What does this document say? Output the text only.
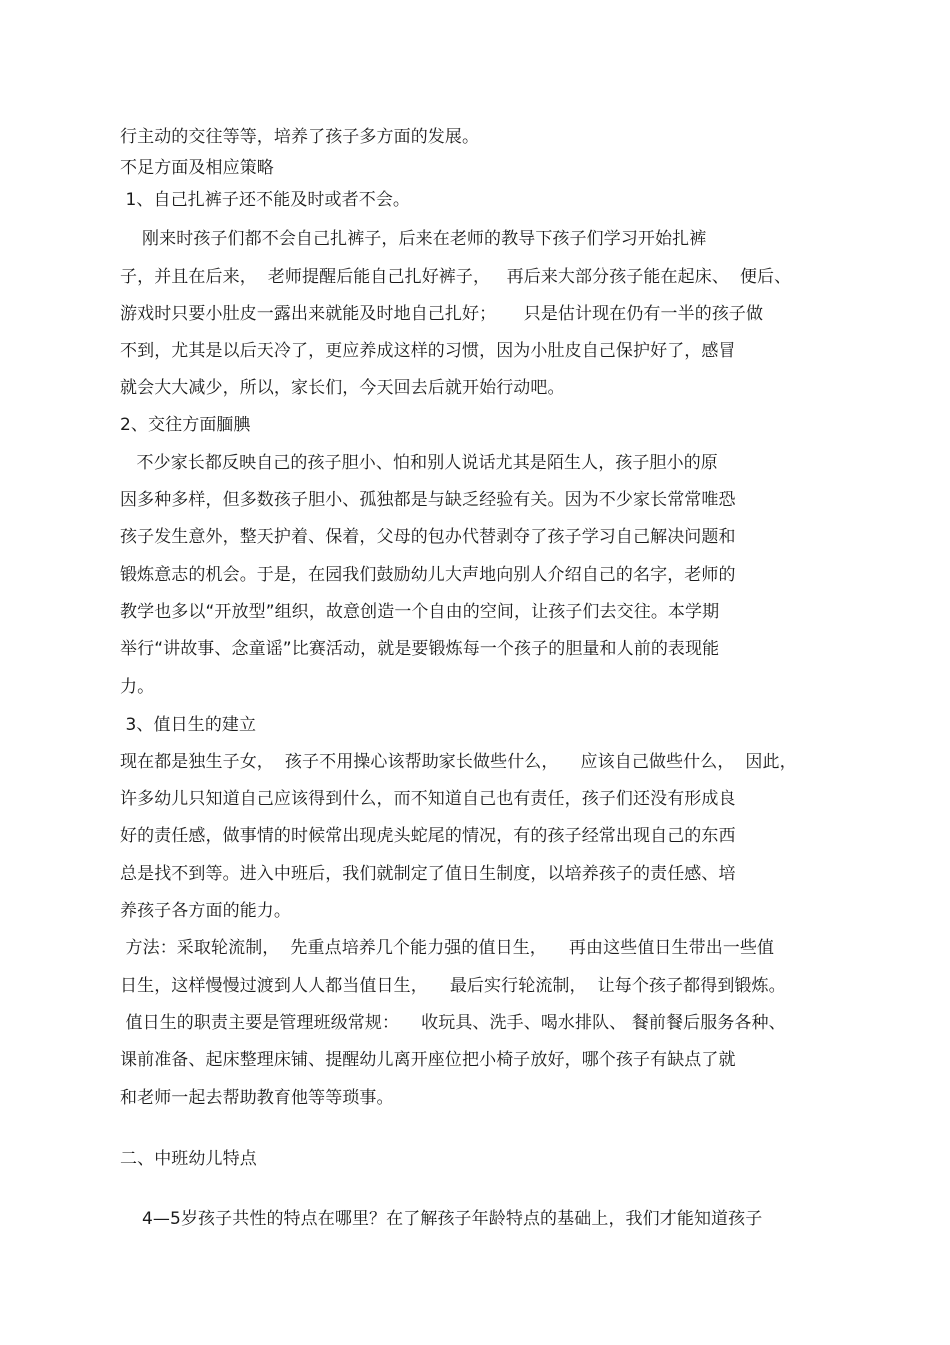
行主动的交往等等，培养了孩子多方面的发展。
不足方面及相应策略
1、自己扎裤子还不能及时或者不会。
刚来时孩子们都不会自己扎裤子，后来在老师的教导下孩子们学习开始扎裤
子，并且在后来，  老师提醒后能自己扎好裤子，   再后来大部分孩子能在起床、  便后、
游戏时只要小肚皮一露出来就能及时地自己扎好；     只是估计现在仍有一半的孩子做
不到，尤其是以后天冷了，更应养成这样的习惯，因为小肚皮自己保护好了，感冒
就会大大减少，所以，家长们，今天回去后就开始行动吧。
2、交往方面腼腆
不少家长都反映自己的孩子胆小、怕和别人说话尤其是陌生人，孩子胆小的原
因多种多样，但多数孩子胆小、孤独都是与缺乏经验有关。因为不少家长常常唯恐
孩子发生意外，整天护着、保着，父母的包办代替剥夺了孩子学习自己解决问题和
锻炼意志的机会。于是，在园我们鼓励幼儿大声地向别人介绍自己的名字，老师的
教学也多以“开放型”组织，故意创造一个自由的空间，让孩子们去交往。本学期
举行“讲故事、念童谣”比赛活动，就是要锻炼每一个孩子的胆量和人前的表现能
力。
3、值日生的建立
现在都是独生子女，  孩子不用操心该帮助家长做些什么，    应该自己做些什么，  因此，
许多幼儿只知道自己应该得到什么，而不知道自己也有责任，孩子们还没有形成良
好的责任感，做事情的时候常出现虎头蛇尾的情况，有的孩子经常出现自己的东西
总是找不到等。进入中班后，我们就制定了值日生制度，以培养孩子的责任感、培
养孩子各方面的能力。
方法：采取轮流制，  先重点培养几个能力强的值日生，    再由这些值日生带出一些值
日生，这样慢慢过渡到人人都当值日生，    最后实行轮流制，  让每个孩子都得到锻炼。
值日生的职责主要是管理班级常规：    收玩具、洗手、喝水排队、 餐前餐后服务各种、
课前准备、起床整理床铺、提醒幼儿离开座位把小椅子放好，哪个孩子有缺点了就
和老师一起去帮助教育他等等琐事。
二、中班幼儿特点
4—5岁孩子共性的特点在哪里？在了解孩子年龄特点的基础上，我们才能知道孩子
